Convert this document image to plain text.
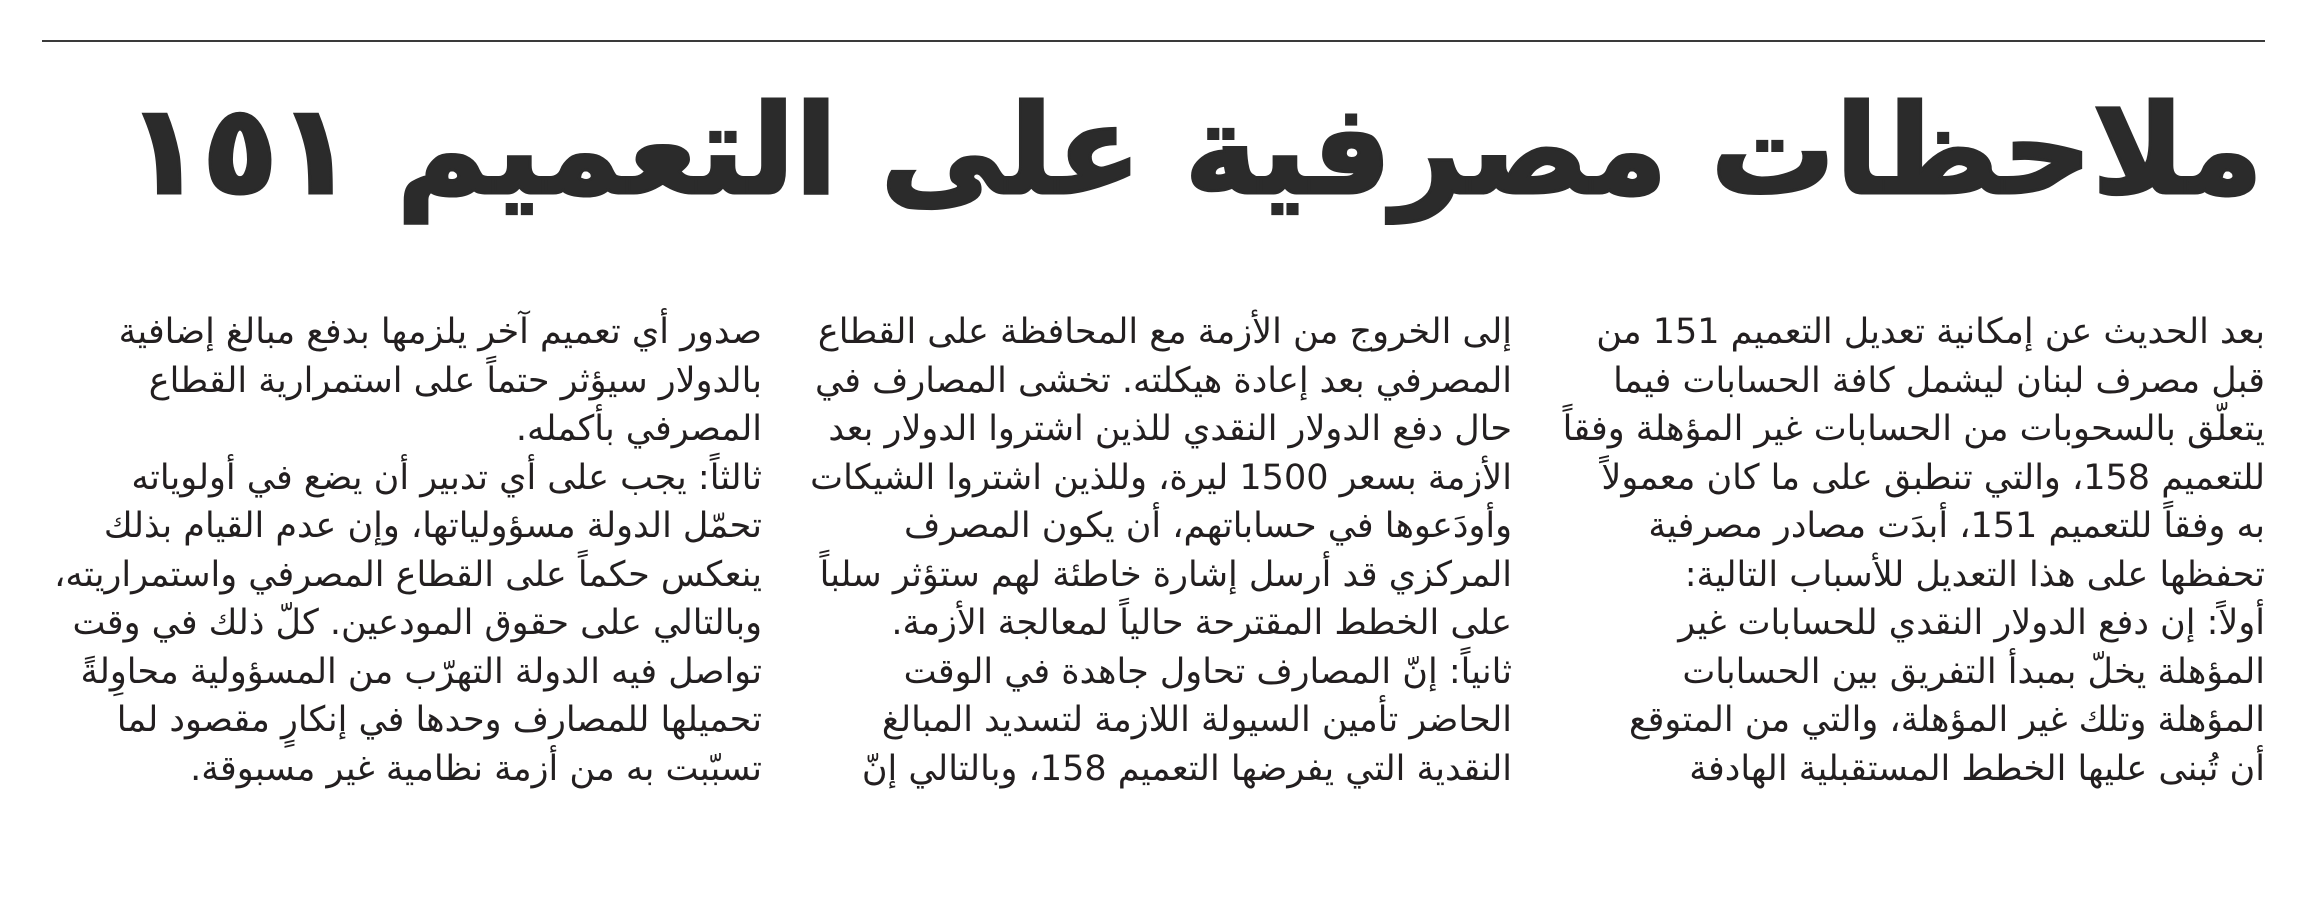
ملاحظات مصرفية على التعميم ١٥١

بعد الحديث عن إمكانية تعديل التعميم 151 من
قبل مصرف لبنان ليشمل كافة الحسابات فيما
يتعلّق بالسحوبات من الحسابات غير المؤهلة وفقاً
للتعميم 158، والتي تنطبق على ما كان معمولاً
به وفقاً للتعميم 151، أبدَت مصادر مصرفية
تحفظها على هذا التعديل للأسباب التالية:

أولاً: إن دفع الدولار النقدي للحسابات غير
المؤهلة يخلّ بمبدأ التفريق بين الحسابات
المؤهلة وتلك غير المؤهلة، والتي من المتوقع
أن تُبنى عليها الخطط المستقبلية الهادفة

إلى الخروج من الأزمة مع المحافظة على القطاع
المصرفي بعد إعادة هيكلته. تخشى المصارف في
حال دفع الدولار النقدي للذين اشتروا الدولار بعد
الأزمة بسعر 1500 ليرة، وللذين اشتروا الشيكات
وأودَعوها في حساباتهم، أن يكون المصرف
المركزي قد أرسل إشارة خاطئة لهم ستؤثر سلباً
على الخطط المقترحة حالياً لمعالجة الأزمة.

ثانياً: إنّ المصارف تحاول جاهدة في الوقت
الحاضر تأمين السيولة اللازمة لتسديد المبالغ
النقدية التي يفرضها التعميم 158، وبالتالي إنّ

صدور أي تعميم آخر يلزمها بدفع مبالغ إضافية
بالدولار سيؤثر حتماً على استمرارية القطاع
المصرفي بأكمله.

ثالثاً: يجب على أي تدبير أن يضع في أولوياته
تحمّل الدولة مسؤولياتها، وإن عدم القيام بذلك
ينعكس حكماً على القطاع المصرفي واستمراريته،
وبالتالي على حقوق المودعين. كلّ ذلك في وقت
تواصل فيه الدولة التهرّب من المسؤولية محاوِلةً
تحميلها للمصارف وحدها في إنكارٍ مقصود لما
تسبّبت به من أزمة نظامية غير مسبوقة.
